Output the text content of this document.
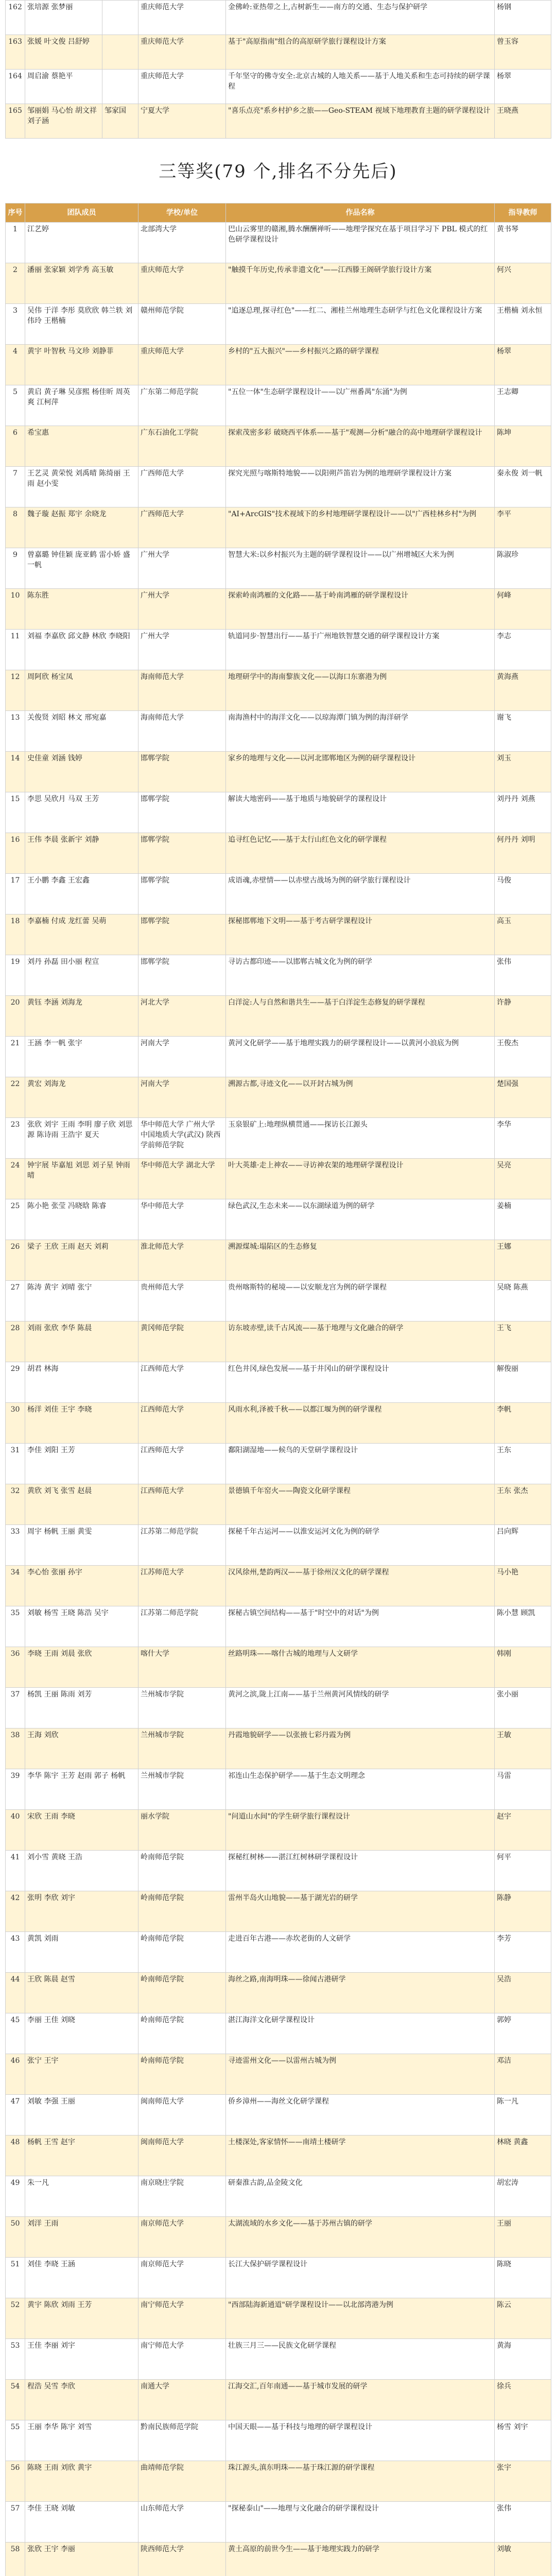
162	张培源 张梦丽		重庆师范大学	金佛岭:亚热带之上,古树新生——南方的交通、生态与保护研学	杨钢
163	张媛 叶文俊 吕舒婷		重庆师范大学	基于"高原指南"组合的高原研学旅行课程设计方案	曾玉容
164	周启渝 蔡艳平		重庆师范大学	千年坚守的佛寺安全:北京古城的人地关系——基于人地关系和生态可持续的研学课程	杨翠
165	邹丽娟 马心怡 胡文祥 刘子涵	邹家国	宁夏大学	"喜乐点亮"系乡村护乡之旅——Geo-STEAM 视域下地理教育主题的研学课程设计	王晓燕
三等奖(79 个,排名不分先后)
序号	团队成员	学校/单位	作品名称	指导教师
1	江艺婷	北部湾大学	巴山云雾里的赣湘,腾水酬酬禅听——地理学探究在基于项目学习下 PBL 模式的红色研学课程设计	黄书琴
2	潘丽 张家颖 刘学秀 高玉敏	重庆师范大学	"触摸千年历史,传承非遗文化"——江西滕王阁研学旅行设计方案	何兴
3	吴伟 于洋 李彤 莫欣欣 韩兰轶 刘伟玲 王楷楠	赣州师范学院	"追逐总理,探寻红色"——红二、湘桂兰州地理生态研学与红色文化课程设计方案	王楷楠 刘永恒
4	黄宇 叶智秋 马文珍 刘静菲	重庆师范大学	乡村的"五大振兴"——乡村振兴之路的研学课程	杨翠
5	黄启 黄子琳 吴彦熙 杨佳昕 周英爽 江柯萍	广东第二师范学院	"五位一体"生态研学课程设计——以广州番禺"东涌"为例	王志卿
6	希宝惠	广东石油化工学院	探索茂密多彩 破晓西平体系——基于"观测—分析"融合的高中地理研学课程设计	陈坤
7	王艺灵 黄荣悦 刘禹晴 陈绮丽 王雨 赵小雯	广西师范大学	探究光照与喀斯特地貌——以阳朔芦笛岩为例的地理研学课程设计方案	秦永俊 刘一帆
8	魏子璇 赵振 郑宇 余晓龙	广西师范大学	"AI+ArcGIS"技术视域下的乡村地理研学课程设计——以"广西桂林乡村"为例	李平
9	曾嘉璐 钟佳颖 庞亚鹤 雷小娇 盛一帆	广州大学	智慧大米:以乡村振兴为主题的研学课程设计——以广州增城区大米为例	陈淑珍
10	陈东胜	广州大学	探索岭南鸿雁的文化路——基于岭南鸿雁的研学课程设计	何峰
11	刘福 李嘉欣 邱文静 林欣 李晓阳	广州大学	轨道同步·智慧出行——基于广州地铁智慧交通的研学课程设计方案	李志
12	周阿欣 杨宝凤	海南师范大学	地理研学中的海南黎族文化——以海口东寨港为例	黄海燕
13	关俊贤 刘昭 林文 邢宛嘉	海南师范大学	南海渔村中的海洋文化——以琼海潭门镇为例的海洋研学	谢飞
14	史佳童 刘涵 钱婷	邯郸学院	家乡的地理与文化——以河北邯郸地区为例的研学课程设计	刘玉
15	李思 吴欣月 马双 王芳	邯郸学院	解读大地密码——基于地质与地貌研学的课程设计	刘丹丹 刘燕
16	王伟 李晨 张新宇 刘静	邯郸学院	追寻红色记忆——基于太行山红色文化的研学课程	何丹丹 刘明
17	王小鹏 李鑫 王宏鑫	邯郸学院	成语魂,赤壁情——以赤壁古战场为例的研学旅行课程设计	马俊
18	李嘉楠 付成 龙红蕾 吴萌	邯郸学院	探秘邯郸地下文明——基于考古研学课程设计	高玉
19	刘丹 孙磊 田小丽 程宣	邯郸学院	寻访古都印迹——以邯郸古城文化为例的研学	张伟
20	黄钰 李涵 刘海龙	河北大学	白洋淀:人与自然和谐共生——基于白洋淀生态修复的研学课程	许静
21	王涵 李一帆 张宇	河南大学	黄河文化研学——基于地理实践力的研学课程设计——以黄河小浪底为例	王俊杰
22	黄宏 刘海龙	河南大学	溯源古都,寻迹文化——以开封古城为例	楚国强
23	张欣 刘宇 王雨 李明 廖子欣 刘思源 陈诗雨 王浩宇 夏天	华中师范大学 广州大学 中国地质大学(武汉) 陕西学前师范学院	玉泉银矿上:地理纵横贯通——探访长江源头	李华
24	钟宇展 毕嘉旭 刘思 刘子星 钟雨晴	华中师范大学 湖北大学	叶大英雄·走上神农——寻访神农架的地理研学课程设计	吴亮
25	陈小艳 张莹 冯晓晗 陈睿	华中师范大学	绿色武汉,生态未来——以东湖绿道为例的研学	姜楠
26	梁子 王欣 王雨 赵天 刘莉	淮北师范大学	溯源煤城:塌陷区的生态修复	王娜
27	陈涛 黄宇 刘晴 张宁	贵州师范大学	贵州喀斯特的秘境——以安顺龙宫为例的研学课程	吴晓 陈燕
28	刘雨 张欣 李华 陈晨	黄冈师范学院	访东坡赤壁,读千古风流——基于地理与文化融合的研学	王飞
29	胡君 林海	江西师范大学	红色井冈,绿色发展——基于井冈山的研学课程设计	解俊丽
30	杨洋 刘佳 王宇 李晓	江西师范大学	风雨水利,泽被千秋——以都江堰为例的研学课程	李帆
31	李佳 刘阳 王芳	江西师范大学	鄱阳湖湿地——候鸟的天堂研学课程设计	王东
32	黄欣 刘飞 张雪 赵晨	江西师范大学	景德镇千年窑火——陶瓷文化研学课程	王东 张杰
33	周宇 杨帆 王丽 黄雯	江苏第二师范学院	探秘千年古运河——以淮安运河文化为例的研学	吕向辉
34	李心怡 张丽 孙宇	江苏师范大学	汉风徐州,楚韵两汉——基于徐州汉文化的研学课程	马小艳
35	刘敏 杨雪 王晓 陈浩 吴宇	江苏第二师范学院	探秘古镇空间结构——基于"时空中的对话"为例	陈小慧 顾凯
36	李晓 王雨 刘晨 张欣	喀什大学	丝路明珠——喀什古城的地理与人文研学	韩刚
37	杨凯 王丽 陈雨 刘芳	兰州城市学院	黄河之滨,陇上江南——基于兰州黄河风情线的研学	张小丽
38	王海 刘欣	兰州城市学院	丹霞地貌研学——以张掖七彩丹霞为例	王敏
39	李华 陈宇 王芳 赵雨 郭子 杨帆	兰州城市学院	祁连山生态保护研学——基于生态文明理念	马雷
40	宋欣 王雨 李晓	丽水学院	"问道山水间"的学生研学旅行课程设计	赵宇
41	刘小雪 黄晓 王浩	岭南师范学院	探秘红树林——湛江红树林研学课程设计	何平
42	张明 李欣 刘宇	岭南师范学院	雷州半岛火山地貌——基于湖光岩的研学	陈静
43	黄凯 刘雨	岭南师范学院	走进百年古港——赤坎老街的人文研学	李芳
44	王欣 陈晨 赵雪	岭南师范学院	海丝之路,南海明珠——徐闻古港研学	吴浩
45	李丽 王佳 刘晓	岭南师范学院	湛江海洋文化研学课程设计	郭婷
46	张宁 王宇	岭南师范学院	寻迹雷州文化——以雷州古城为例	邓洁
47	刘敏 李强 王丽	闽南师范大学	侨乡漳州——海丝文化研学课程	陈一凡
48	杨帆 王雪 赵宇	闽南师范大学	土楼深处,客家情怀——南靖土楼研学	林晓 黄鑫
49	朱一凡	南京晓庄学院	研秦淮古韵,品金陵文化	胡宏涛
50	刘洋 王雨	南京师范大学	太湖流域的水乡文化——基于苏州古镇的研学	王丽
51	刘佳 李晓 王涵	南京师范大学	长江大保护研学课程设计	陈晓
52	黄宇 陈欣 刘雨 王芳	南宁师范大学	"西部陆海新通道"研学课程设计——以北部湾港为例	陈云
53	王佳 李丽 刘宇	南宁师范大学	壮族三月三——民族文化研学课程	黄海
54	程浩 吴雪 李欣	南通大学	江海交汇,百年南通——基于城市发展的研学	徐兵
55	王丽 李华 陈宇 刘雪	黔南民族师范学院	中国天眼——基于科技与地理的研学课程设计	杨雪 刘宇
56	陈晓 王雨 刘欣 黄宇	曲靖师范学院	珠江源头,滇东明珠——基于珠江源的研学课程	张宇
57	李佳 王晓 刘敏	山东师范大学	"探秘泰山"——地理与文化融合的研学课程设计	张伟
58	张欣 王宇 李丽	陕西师范大学	黄土高原的前世今生——基于地理实践力的研学	刘敏
